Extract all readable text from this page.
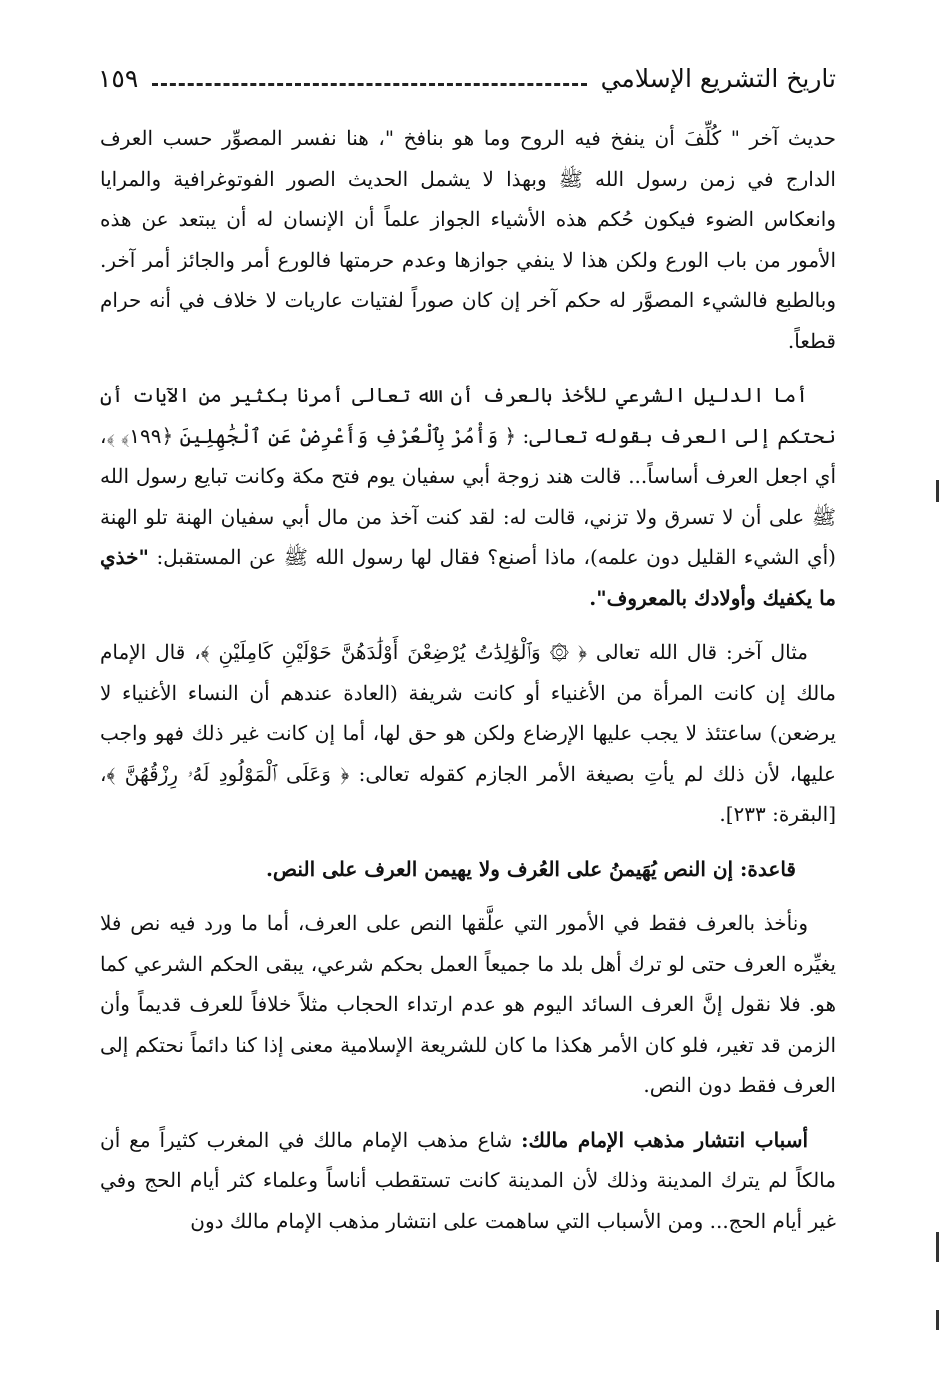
تاريخ التشريع الإسلامي
١٥٩

حديث آخر " كُلِّفَ أن ينفخ فيه الروح وما هو بنافخ "، هنا نفسر المصوِّر حسب العرف الدارج في زمن رسول الله ﷺ وبهذا لا يشمل الحديث الصور الفوتوغرافية والمرايا وانعكاس الضوء فيكون حُكم هذه الأشياء الجواز علماً أن الإنسان له أن يبتعد عن هذه الأمور من باب الورع ولكن هذا لا ينفي جوازها وعدم حرمتها فالورع أمر والجائز أمر آخر. وبالطبع فالشيء المصوَّر له حكم آخر إن كان صوراً لفتيات عاريات لا خلاف في أنه حرام قطعاً.

أما الدليل الشرعي للأخذ بالعرف أن الله تعالى أمرنا بكثير من الآيات أن نحتكم إلى العرف بقوله تعالى: ﴿ وَأْمُرْ بِٱلْعُرْفِ وَأَعْرِضْ عَنِ ٱلْجَٰهِلِينَ ﴿١٩٩﴾ ﴾، أي اجعل العرف أساساً... قالت هند زوجة أبي سفيان يوم فتح مكة وكانت تبايع رسول الله ﷺ على أن لا تسرق ولا تزني، قالت له: لقد كنت آخذ من مال أبي سفيان الهنة تلو الهنة (أي الشيء القليل دون علمه)، ماذا أصنع؟ فقال لها رسول الله ﷺ عن المستقبل: "خذي ما يكفيك وأولادك بالمعروف".

مثال آخر: قال الله تعالى ﴿ ۞ وَٱلْوَٰلِدَٰتُ يُرْضِعْنَ أَوْلَٰدَهُنَّ حَوْلَيْنِ كَامِلَيْنِ ﴾، قال الإمام مالك إن كانت المرأة من الأغنياء أو كانت شريفة (العادة عندهم أن النساء الأغنياء لا يرضعن) ساعتئذ لا يجب عليها الإرضاع ولكن هو حق لها، أما إن كانت غير ذلك فهو واجب عليها، لأن ذلك لم يأتِ بصيغة الأمر الجازم كقوله تعالى: ﴿ وَعَلَى ٱلْمَوْلُودِ لَهُۥ رِزْقُهُنَّ ﴾، [البقرة: ٢٣٣].

قاعدة: إن النص يُهَيمنُ على العُرف ولا يهيمن العرف على النص.

ونأخذ بالعرف فقط في الأمور التي علَّقها النص على العرف، أما ما ورد فيه نص فلا يغيِّره العرف حتى لو ترك أهل بلد ما جميعاً العمل بحكم شرعي، يبقى الحكم الشرعي كما هو. فلا نقول إنَّ العرف السائد اليوم هو عدم ارتداء الحجاب مثلاً خلافاً للعرف قديماً وأن الزمن قد تغير، فلو كان الأمر هكذا ما كان للشريعة الإسلامية معنى إذا كنا دائماً نحتكم إلى العرف فقط دون النص.

أسباب انتشار مذهب الإمام مالك: شاع مذهب الإمام مالك في المغرب كثيراً مع أن مالكاً لم يترك المدينة وذلك لأن المدينة كانت تستقطب أناساً وعلماء كثر أيام الحج وفي غير أيام الحج... ومن الأسباب التي ساهمت على انتشار مذهب الإمام مالك دون
